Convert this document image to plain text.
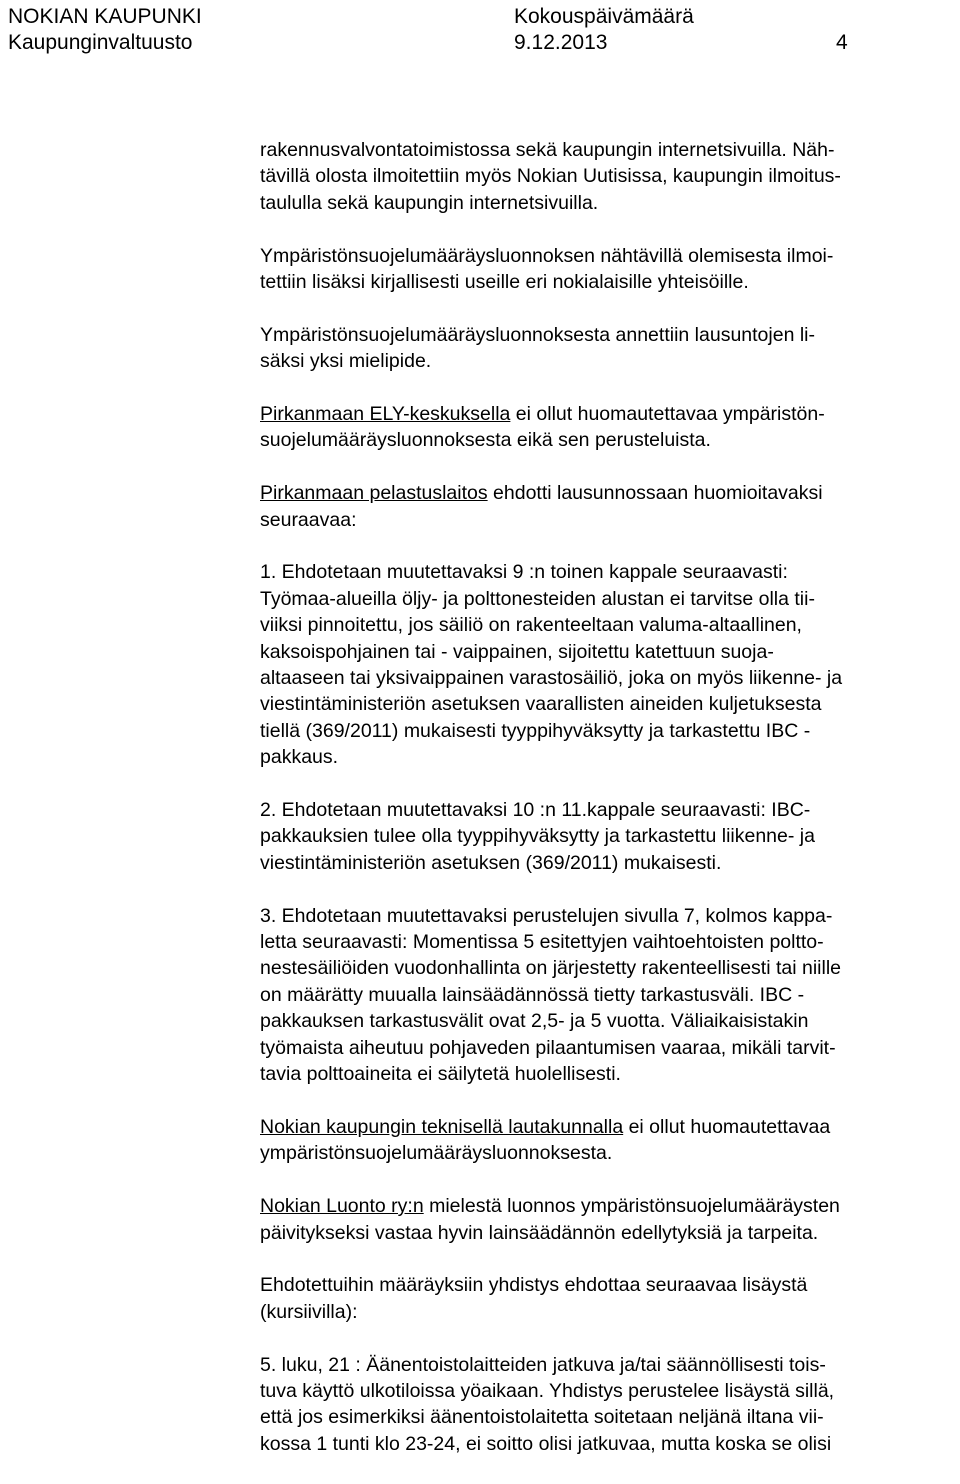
NOKIAN KAUPUNKI
Kaupunginvaltuusto
Kokouspäivämäärä
9.12.2013	4

rakennusvalvontatoimistossa sekä kaupungin internetsivuilla. Näh-
tävillä olosta ilmoitettiin myös Nokian Uutisissa, kaupungin ilmoitus-
taululla sekä kaupungin internetsivuilla.

Ympäristönsuojelumääräysluonnoksen nähtävillä olemisesta ilmoi-
tettiin lisäksi kirjallisesti useille eri nokialaisille yhteisöille.

Ympäristönsuojelumääräysluonnoksesta annettiin lausuntojen li-
säksi yksi mielipide.

Pirkanmaan ELY-keskuksella ei ollut huomautettavaa ympäristön-
suojelumääräysluonnoksesta eikä sen perusteluista.

Pirkanmaan pelastuslaitos ehdotti lausunnossaan huomioitavaksi
seuraavaa:

1. Ehdotetaan muutettavaksi 9 :n toinen kappale seuraavasti:
Työmaa-alueilla öljy- ja polttonesteiden alustan ei tarvitse olla tii-
viiksi pinnoitettu, jos säiliö on rakenteeltaan valuma-altaallinen,
kaksoispohjainen tai - vaippainen, sijoitettu katettuun suoja-
altaaseen tai yksivaippainen varastosäiliö, joka on myös liikenne- ja
viestintäministeriön asetuksen vaarallisten aineiden kuljetuksesta
tiellä (369/2011) mukaisesti tyyppihyväksytty ja tarkastettu IBC -
pakkaus.

2. Ehdotetaan muutettavaksi 10 :n 11.kappale seuraavasti: IBC-
pakkauksien tulee olla tyyppihyväksytty ja tarkastettu liikenne- ja
viestintäministeriön asetuksen (369/2011) mukaisesti.

3. Ehdotetaan muutettavaksi perustelujen sivulla 7, kolmos kappa-
letta seuraavasti: Momentissa 5 esitettyjen vaihtoehtoisten poltto-
nestesäiliöiden vuodonhallinta on järjestetty rakenteellisesti tai niille
on määrätty muualla lainsäädännössä tietty tarkastusväli. IBC -
pakkauksen tarkastusvälit ovat 2,5- ja 5 vuotta. Väliaikaisistakin
työmaista aiheutuu pohjaveden pilaantumisen vaaraa, mikäli tarvit-
tavia polttoaineita ei säilytetä huolellisesti.

Nokian kaupungin teknisellä lautakunnalla ei ollut huomautettavaa
ympäristönsuojelumääräysluonnoksesta.

Nokian Luonto ry:n mielestä luonnos ympäristönsuojelumääräysten
päivitykseksi vastaa hyvin lainsäädännön edellytyksiä ja tarpeita.

Ehdotettuihin määräyksiin yhdistys ehdottaa seuraavaa lisäystä
(kursiivilla):

5. luku, 21 : Äänentoistolaitteiden jatkuva ja/tai säännöllisesti tois-
tuva käyttö ulkotiloissa yöaikaan. Yhdistys perustelee lisäystä sillä,
että jos esimerkiksi äänentoistolaitetta soitetaan neljänä iltana vii-
kossa 1 tunti klo 23-24, ei soitto olisi jatkuvaa, mutta koska se olisi
